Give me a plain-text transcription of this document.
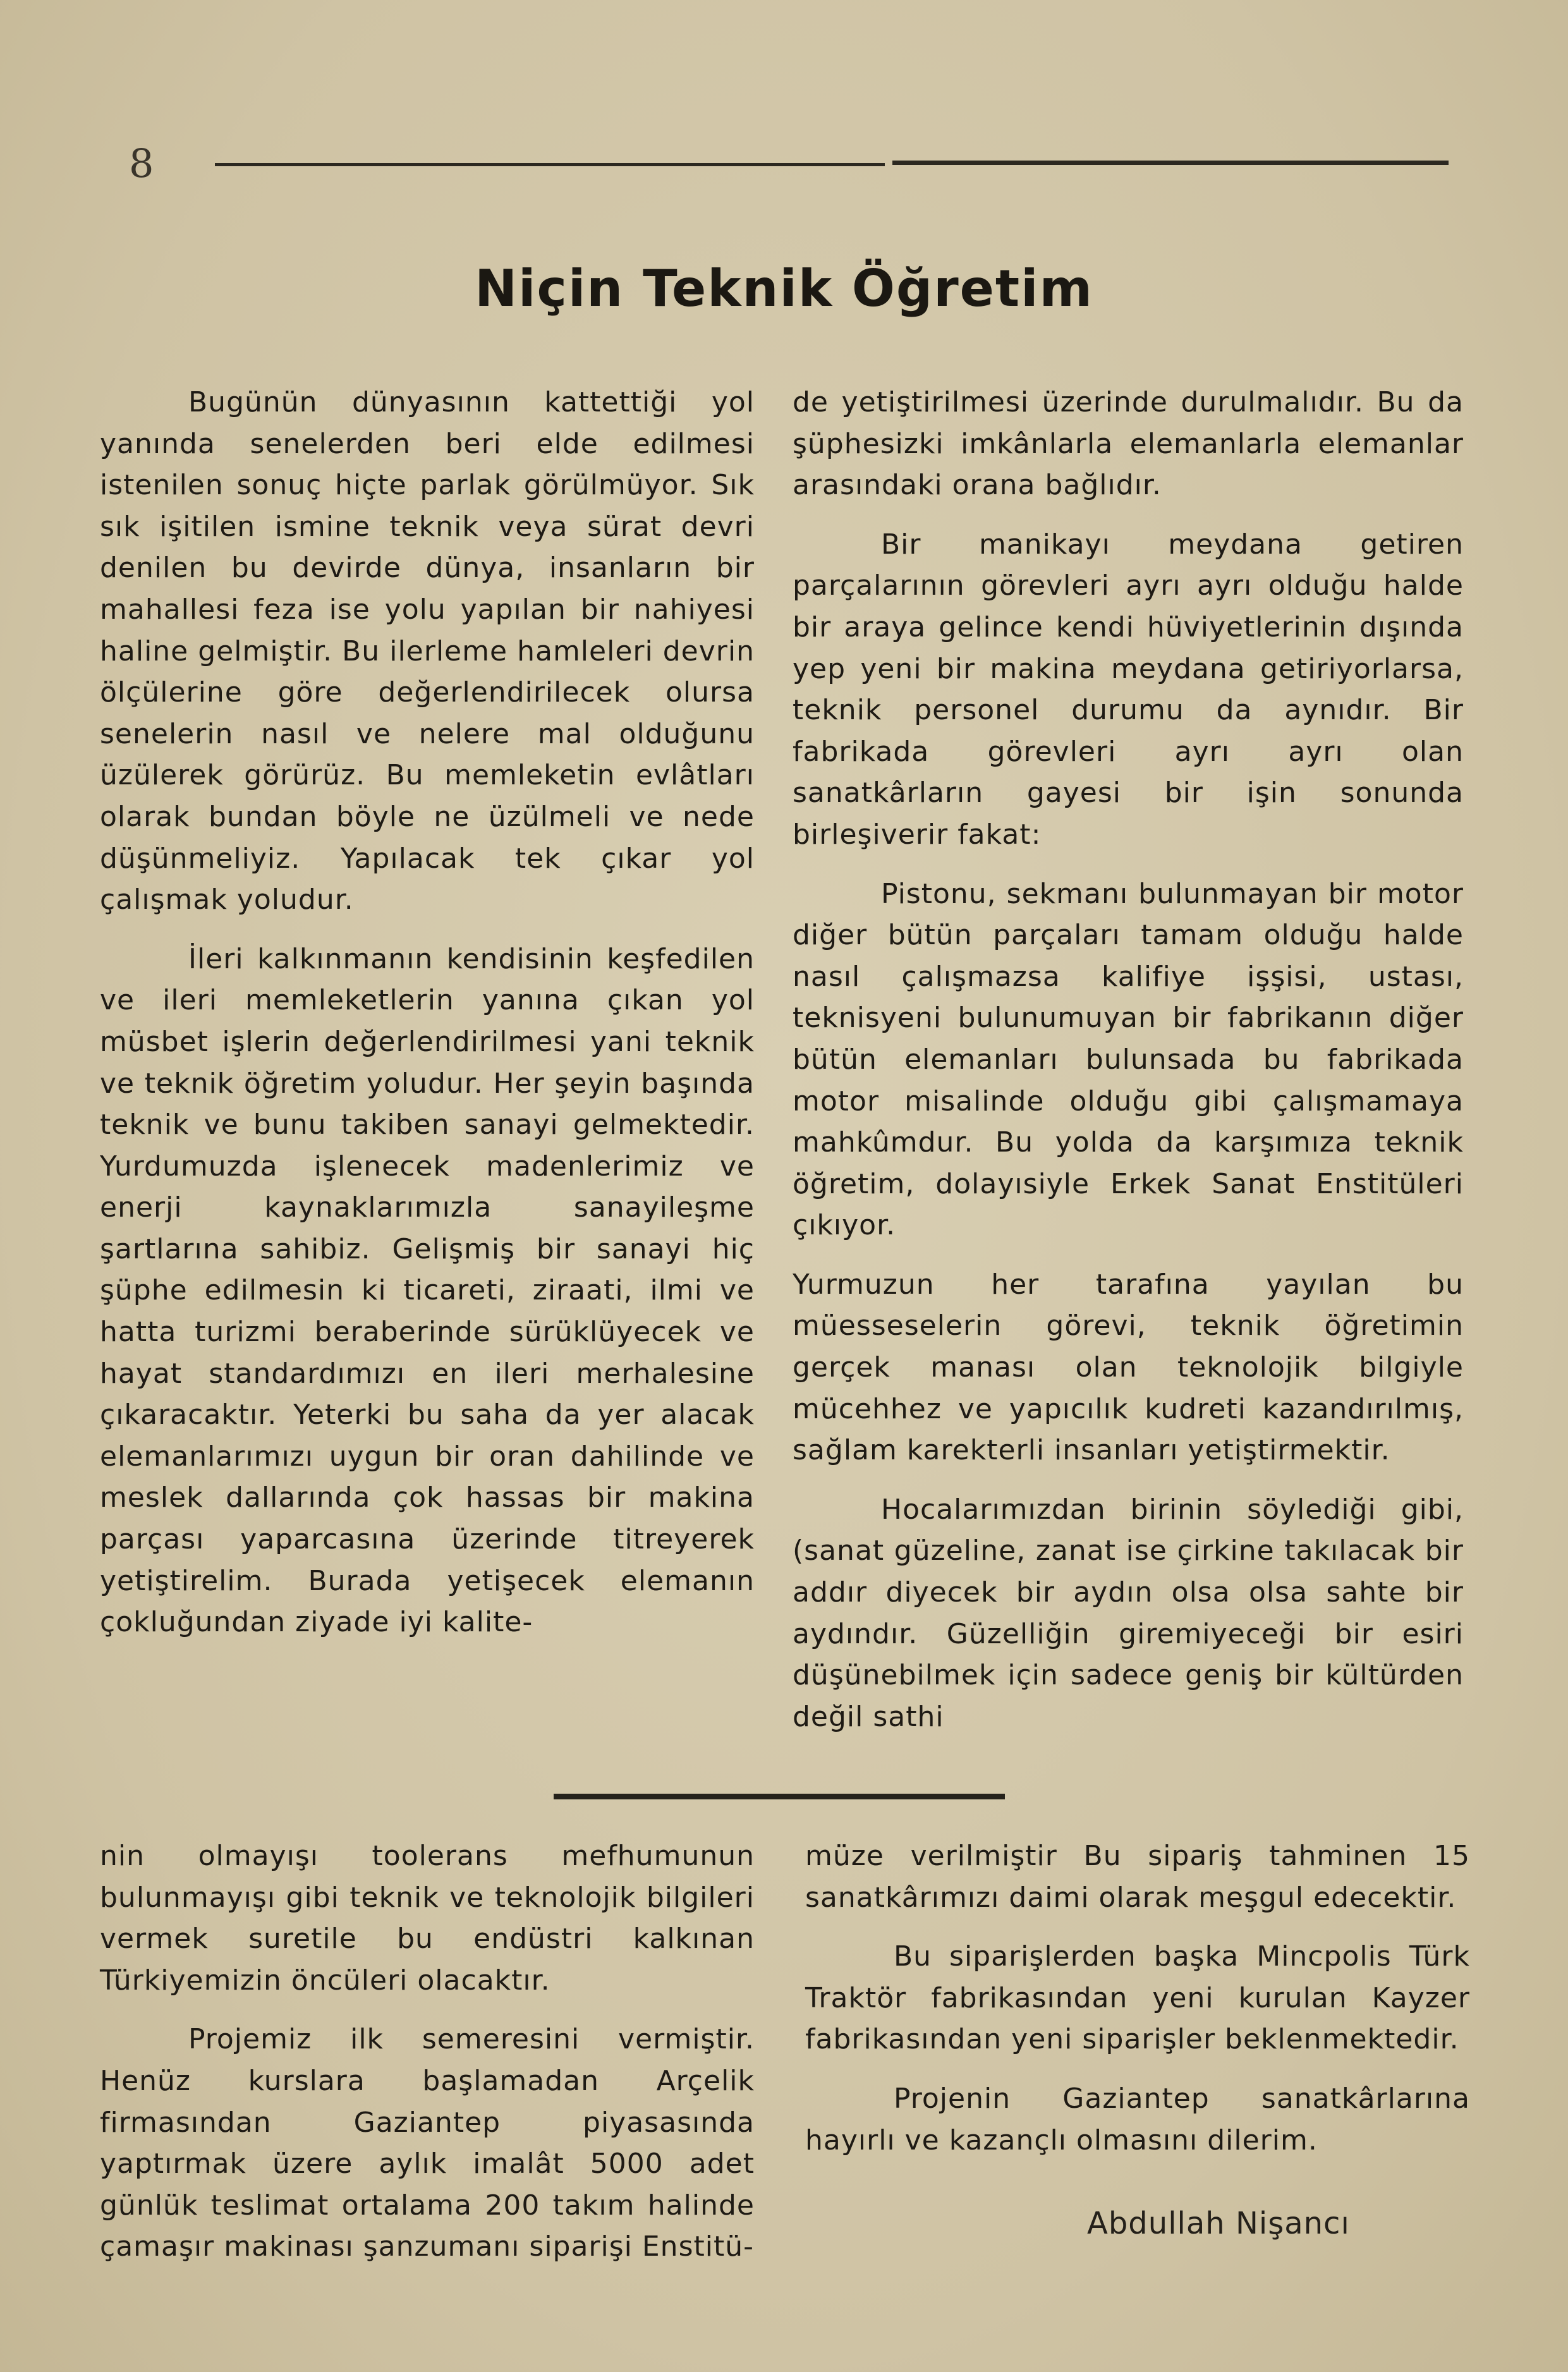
8
Niçin Teknik Öğretim

Bugünün dünyasının kattettiği yol yanında senelerden beri elde edilmesi istenilen sonuç hiçte parlak görülmüyor. Sık sık işitilen ismine teknik veya sürat devri denilen bu devirde dünya, insanların bir mahallesi feza ise yolu yapılan bir nahiyesi haline gelmiştir. Bu ilerleme hamleleri devrin ölçülerine göre değerlendirilecek olursa senelerin nasıl ve nelere mal olduğunu üzülerek görürüz. Bu memleketin evlâtları olarak bundan böyle ne üzülmeli ve nede düşünmeliyiz. Yapılacak tek çıkar yol çalışmak yoludur.

İleri kalkınmanın kendisinin keşfedilen ve ileri memleketlerin yanına çıkan yol müsbet işlerin değerlendirilmesi yani teknik ve teknik öğretim yoludur. Her şeyin başında teknik ve bunu takiben sanayi gelmektedir. Yurdumuzda işlenecek madenlerimiz ve enerji kaynaklarımızla sanayileşme şartlarına sahibiz. Gelişmiş bir sanayi hiç şüphe edilmesin ki ticareti, ziraati, ilmi ve hatta turizmi beraberinde sürüklüyecek ve hayat standardımızı en ileri merhalesine çıkaracaktır. Yeterki bu saha da yer alacak elemanlarımızı uygun bir oran dahilinde ve meslek dallarında çok hassas bir makina parçası yaparcasına üzerinde titreyerek yetiştirelim. Burada yetişecek elemanın çokluğundan ziyade iyi kalite-

de yetiştirilmesi üzerinde durulmalıdır. Bu da şüphesizki imkânlarla elemanlarla elemanlar arasındaki orana bağlıdır.

Bir manikayı meydana getiren parçalarının görevleri ayrı ayrı olduğu halde bir araya gelince kendi hüviyetlerinin dışında yep yeni bir makina meydana getiriyorlarsa, teknik personel durumu da aynıdır. Bir fabrikada görevleri ayrı ayrı olan sanatkârların gayesi bir işin sonunda birleşiverir fakat:

Pistonu, sekmanı bulunmayan bir motor diğer bütün parçaları tamam olduğu halde nasıl çalışmazsa kalifiye işşisi, ustası, teknisyeni bulunumuyan bir fabrikanın diğer bütün elemanları bulunsada bu fabrikada motor misalinde olduğu gibi çalışmamaya mahkûmdur. Bu yolda da karşımıza teknik öğretim, dolayısiyle Erkek Sanat Enstitüleri çıkıyor.

Yurmuzun her tarafına yayılan bu müesseselerin görevi, teknik öğretimin gerçek manası olan teknolojik bilgiyle mücehhez ve yapıcılık kudreti kazandırılmış, sağlam karekterli insanları yetiştirmektir.

Hocalarımızdan birinin söylediği gibi, (sanat güzeline, zanat ise çirkine takılacak bir addır diyecek bir aydın olsa olsa sahte bir aydındır. Güzelliğin giremiyeceği bir esiri düşünebilmek için sadece geniş bir kültürden değil sathi

nin olmayışı toolerans mefhumunun bulunmayışı gibi teknik ve teknolojik bilgileri vermek suretile bu endüstri kalkınan Türkiyemizin öncüleri olacaktır.

Projemiz ilk semeresini vermiştir. Henüz kurslara başlamadan Arçelik firmasından Gaziantep piyasasında yaptırmak üzere aylık imalât 5000 adet günlük teslimat ortalama 200 takım halinde çamaşır makinası şanzumanı siparişi Enstitü-

müze verilmiştir Bu sipariş tahminen 15 sanatkârımızı daimi olarak meşgul edecektir.

Bu siparişlerden başka Mincpolis Türk Traktör fabrikasından yeni kurulan Kayzer fabrikasından yeni siparişler beklenmektedir.

Projenin Gaziantep sanatkârlarına hayırlı ve kazançlı olmasını dilerim.

Abdullah Nişancı
